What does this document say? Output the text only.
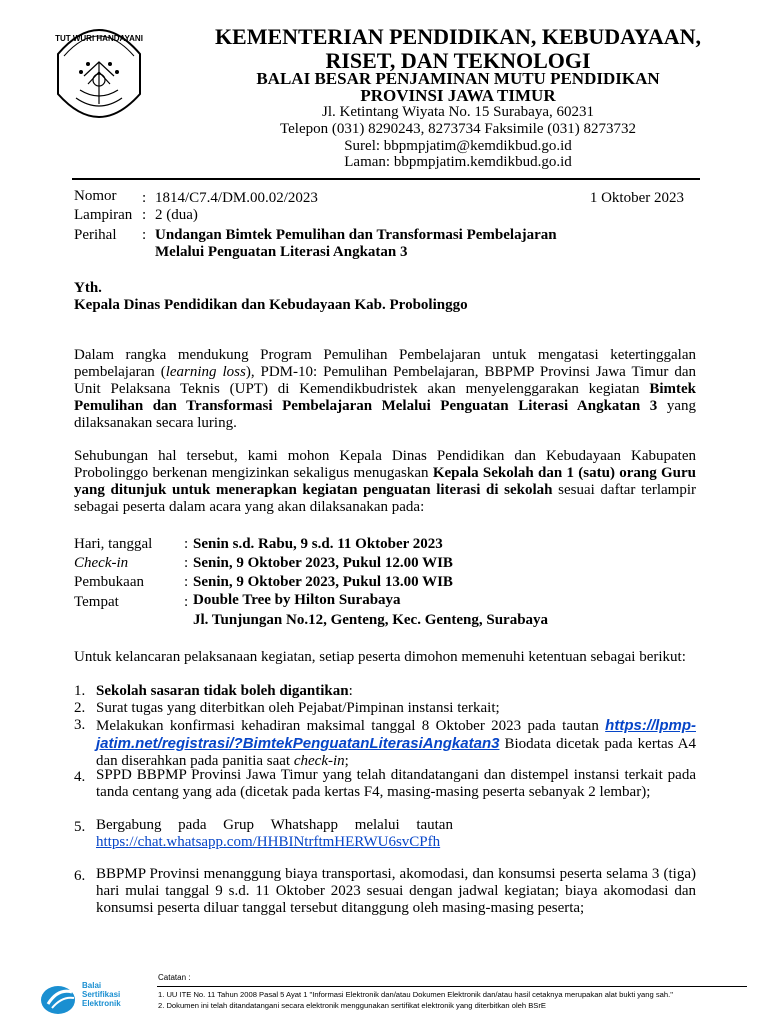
TUT WURI HANDAYANI	KEMENTERIAN PENDIDIKAN, KEBUDAYAAN,
RISET, DAN TEKNOLOGI
BALAI BESAR PENJAMINAN MUTU PENDIDIKAN
PROVINSI JAWA TIMUR
Jl. Ketintang Wiyata No. 15 Surabaya, 60231
Telepon (031) 8290243, 8273734 Faksimile (031) 8273732
Surel: bbpmpjatim@kemdikbud.go.id
Laman: bbpmpjatim.kemdikbud.go.id
Nomor : 1814/C7.4/DM.00.02/2023	1 Oktober 2023
Lampiran : 2 (dua)
Perihal : Undangan Bimtek Pemulihan dan Transformasi Pembelajaran
Melalui Penguatan Literasi Angkatan 3
Yth.
Kepala Dinas Pendidikan dan Kebudayaan Kab. Probolinggo
Dalam rangka mendukung Program Pemulihan Pembelajaran untuk mengatasi ketertinggalan pembelajaran (learning loss), PDM-10: Pemulihan Pembelajaran, BBPMP Provinsi Jawa Timur dan Unit Pelaksana Teknis (UPT) di Kemendikbudristek akan menyelenggarakan kegiatan Bimtek Pemulihan dan Transformasi Pembelajaran Melalui Penguatan Literasi Angkatan 3 yang dilaksanakan secara luring.
Sehubungan hal tersebut, kami mohon Kepala Dinas Pendidikan dan Kebudayaan Kabupaten Probolinggo berkenan mengizinkan sekaligus menugaskan Kepala Sekolah dan 1 (satu) orang Guru yang ditunjuk untuk menerapkan kegiatan penguatan literasi di sekolah sesuai daftar terlampir sebagai peserta dalam acara yang akan dilaksanakan pada:
Hari, tanggal : Senin s.d. Rabu, 9 s.d. 11 Oktober 2023
Check-in	: Senin, 9 Oktober 2023, Pukul 12.00 WIB
Pembukaan	: Senin, 9 Oktober 2023, Pukul 13.00 WIB
Tempat	: Double Tree by Hilton Surabaya
Jl. Tunjungan No.12, Genteng, Kec. Genteng, Surabaya
Untuk kelancaran pelaksanaan kegiatan, setiap peserta dimohon memenuhi ketentuan sebagai berikut:
1. Sekolah sasaran tidak boleh digantikan:
2. Surat tugas yang diterbitkan oleh Pejabat/Pimpinan instansi terkait;
3. Melakukan konfirmasi kehadiran maksimal tanggal 8 Oktober 2023 pada tautan https://lpmp-jatim.net/registrasi/?BimtekPenguatanLiterasiAngkatan3 Biodata dicetak pada kertas A4 dan diserahkan pada panitia saat check-in;
4. SPPD BBPMP Provinsi Jawa Timur yang telah ditandatangani dan distempel instansi terkait pada tanda centang yang ada (dicetak pada kertas F4, masing-masing peserta sebanyak 2 lembar);
5. Bergabung pada Grup Whatshapp melalui tautan
https://chat.whatsapp.com/HHBINtrftmHERWU6svCPfh
6. BBPMP Provinsi menanggung biaya transportasi, akomodasi, dan konsumsi peserta selama 3 (tiga) hari mulai tanggal 9 s.d. 11 Oktober 2023 sesuai dengan jadwal kegiatan; biaya akomodasi dan konsumsi peserta diluar tanggal tersebut ditanggung oleh masing-masing peserta;
Balai
Sertifikasi
Elektronik
Catatan :
1. UU ITE No. 11 Tahun 2008 Pasal 5 Ayat 1 "Informasi Elektronik dan/atau Dokumen Elektronik dan/atau hasil cetaknya merupakan alat bukti yang sah."
2. Dokumen ini telah ditandatangani secara elektronik menggunakan sertifikat elektronik yang diterbitkan oleh BSrE
